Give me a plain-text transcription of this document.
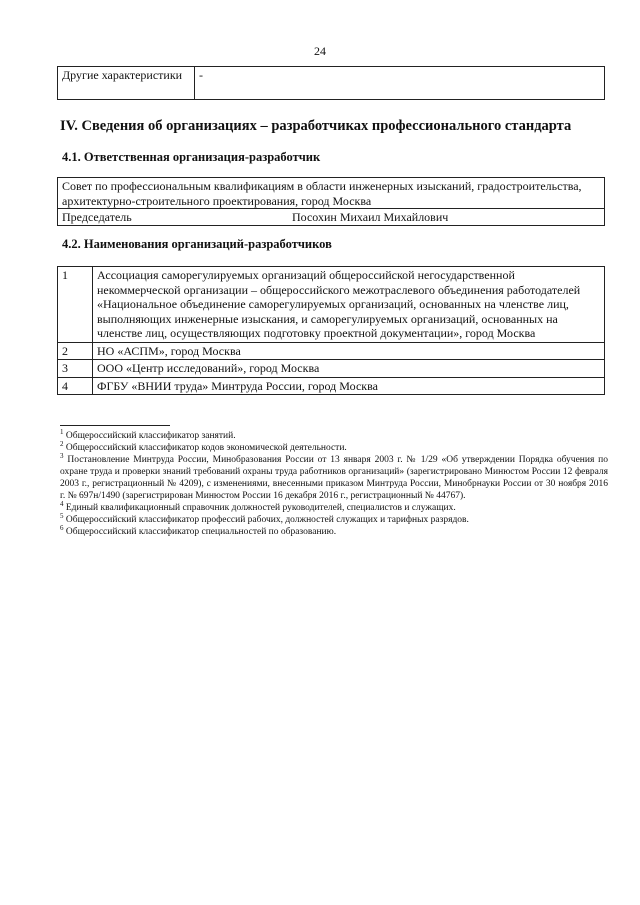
24
Другие характеристики	-
IV. Сведения об организациях – разработчиках профессионального стандарта
4.1. Ответственная организация-разработчик
Совет по профессиональным квалификациям в области инженерных изысканий, градостроительства, архитектурно-строительного проектирования, город Москва

Председатель	Посохин Михаил Михайлович
4.2. Наименования организаций-разработчиков
1	Ассоциация саморегулируемых организаций общероссийской негосударственной некоммерческой организации – общероссийского межотраслевого объединения работодателей «Национальное объединение саморегулируемых организаций, основанных на членстве лиц, выполняющих инженерные изыскания, и саморегулируемых организаций, основанных на членстве лиц, осуществляющих подготовку проектной документации», город Москва
2	НО «АСПМ», город Москва
3	ООО «Центр исследований», город Москва
4	ФГБУ «ВНИИ труда» Минтруда России, город Москва

$^1$ Общероссийский классификатор занятий.

$^2$ Общероссийский классификатор кодов экономической деятельности.

$^3$ Постановление Минтруда России, Минобразования России от 13 января 2003 г. № 1/29 «Об утверждении Порядка обучения по охране труда и проверки знаний требований охраны труда работников организаций» (зарегистрировано Минюстом России 12 февраля 2003 г., регистрационный № 4209), с изменениями, внесенными приказом Минтруда России, Минобрнауки России от 30 ноября 2016 г. № 697н/1490 (зарегистрирован Минюстом России 16 декабря 2016 г., регистрационный № 44767).

$^4$ Единый квалификационный справочник должностей руководителей, специалистов и служащих.

$^5$ Общероссийский классификатор профессий рабочих, должностей служащих и тарифных разрядов.

$^6$ Общероссийский классификатор специальностей по образованию.
